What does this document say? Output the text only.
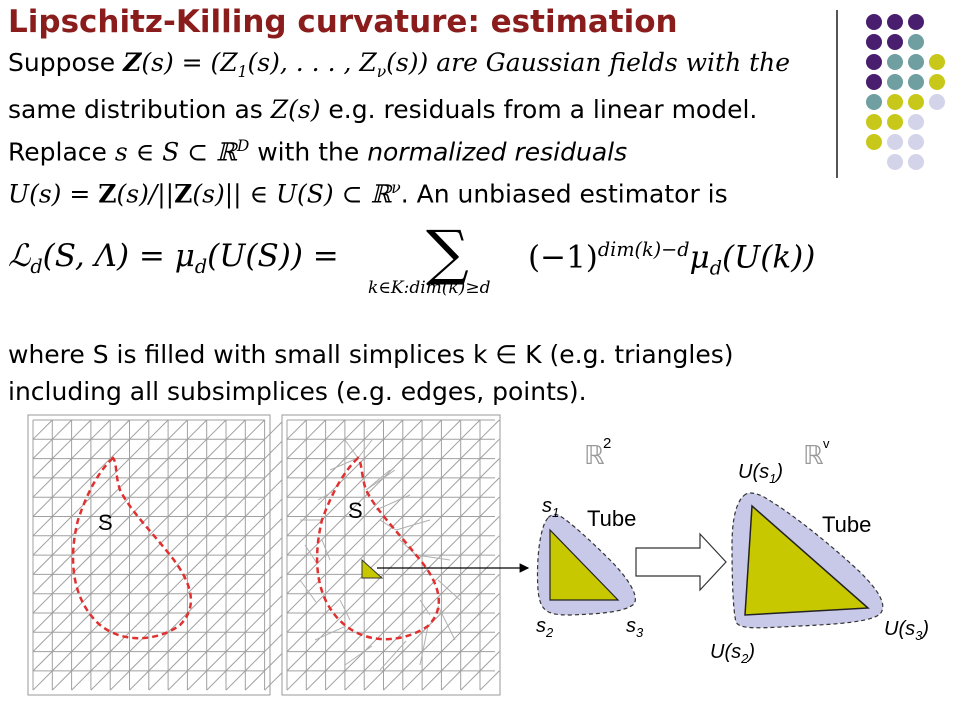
Lipschitz-Killing curvature: estimation
Suppose $Z(s) = (Z_1(s)$, . . . , $Z_\nu(s)$) are Gaussian fields with the
same distribution as Z(s) e.g. residuals from a linear model.
Replace s ∈ S ⊂ ℝ$^D$ with the normalized residuals
U(s) = Z(s)/||Z(s)|| ∈ U(S) ⊂ ℝ$^\nu$. An unbiased estimator is
ℒ$_d$(S, $\Lambda) = \mu_d(U(S))$ = ∑
k∈K:dim(k)≥d
$(-1)^{dim(k)-d}\mu_d(U(k))$
where S is filled with small simplices k ∈ K (e.g. triangles)
including all subsimplices (e.g. edges, points).
S	S
ℝ
2	ℝ v
$s_1$
$s_2$	$s_3$
Tube	Tube
$U(s_1)$
$U(s_2)$
$U(s_3)$
